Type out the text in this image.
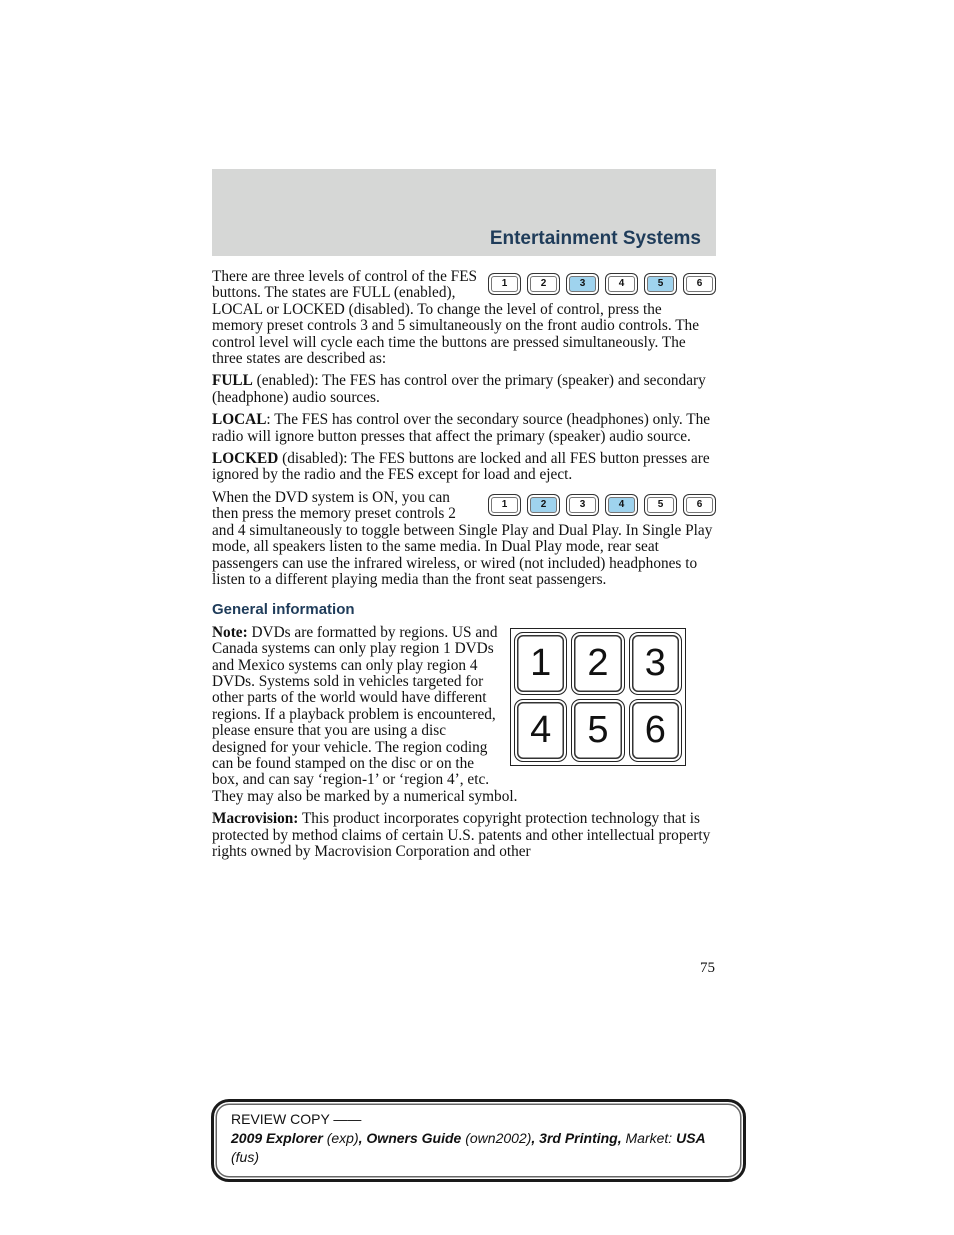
Entertainment Systems
1	2	3	4	5	6

There are three levels of control of the FES buttons. The states are FULL (enabled), LOCAL or LOCKED (disabled). To change the level of control, press the memory preset controls 3 and 5 simultaneously on the front audio controls. The control level will cycle each time the buttons are pressed simultaneously. The three states are described as:

FULL (enabled): The FES has control over the primary (speaker) and secondary (headphone) audio sources.

LOCAL: The FES has control over the secondary source (headphones) only. The radio will ignore button presses that affect the primary (speaker) audio source.

LOCKED (disabled): The FES buttons are locked and all FES button presses are ignored by the radio and the FES except for load and eject.

1	2	3	4	5	6

When the DVD system is ON, you can then press the memory preset controls 2 and 4 simultaneously to toggle between Single Play and Dual Play. In Single Play mode, all speakers listen to the same media. In Dual Play mode, rear seat passengers can use the infrared wireless, or wired (not included) headphones to listen to a different playing media than the front seat passengers.

General information
1 2 3
4 5 6

Note: DVDs are formatted by regions. US and Canada systems can only play region 1 DVDs and Mexico systems can only play region 4 DVDs. Systems sold in vehicles targeted for other parts of the world would have different regions. If a playback problem is encountered, please ensure that you are using a disc designed for your vehicle. The region coding can be found stamped on the disc or on the box, and can say ‘region-1’ or ‘region 4’, etc. They may also be marked by a numerical symbol.

Macrovision: This product incorporates copyright protection technology that is protected by method claims of certain U.S. patents and other intellectual property rights owned by Macrovision Corporation and other

75
REVIEW COPY ——
2009 Explorer (exp), Owners Guide (own2002), 3rd Printing, Market: USA
(fus)
